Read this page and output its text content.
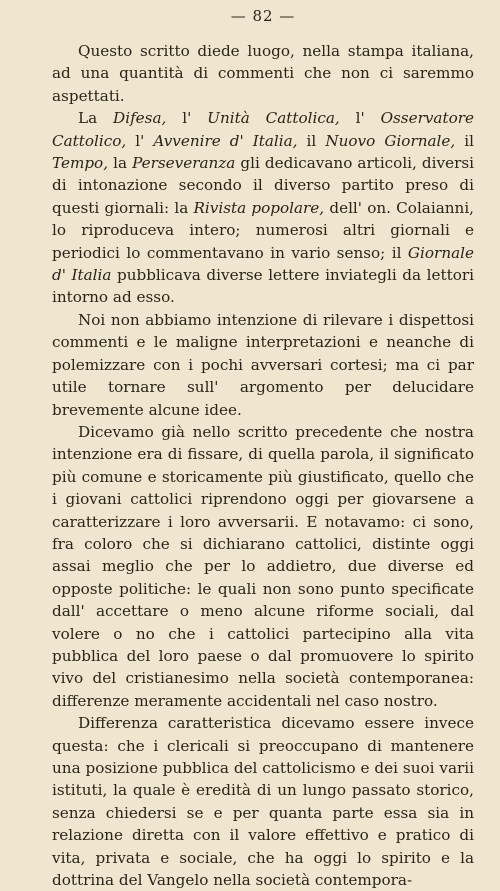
— 82 —

Questo scritto diede luogo, nella stampa italiana, ad una quantità di commenti che non ci saremmo aspettati.

La Difesa, l' Unità Cattolica, l' Osservatore Cattolico, l' Avvenire d' Italia, il Nuovo Giornale, il Tempo, la Perseveranza gli dedicavano articoli, diversi di intonazione secondo il diverso partito preso di questi giornali: la Rivista popolare, dell' on. Colaianni, lo riproduceva intero; numerosi altri giornali e periodici lo commentavano in vario senso; il Giornale d' Italia pubblicava diverse lettere inviategli da lettori intorno ad esso.

Noi non abbiamo intenzione di rilevare i dispettosi commenti e le maligne interpretazioni e neanche di polemizzare con i pochi avversari cortesi; ma ci par utile tornare sull' argomento per delucidare brevemente alcune idee.

Dicevamo già nello scritto precedente che nostra intenzione era di fissare, di quella parola, il significato più comune e storicamente più giustificato, quello che i giovani cattolici riprendono oggi per giovarsene a caratterizzare i loro avversarii. E notavamo: ci sono, fra coloro che si dichiarano cattolici, distinte oggi assai meglio che per lo addietro, due diverse ed opposte politiche: le quali non sono punto specificate dall' accettare o meno alcune riforme sociali, dal volere o no che i cattolici partecipino alla vita pubblica del loro paese o dal promuovere lo spirito vivo del cristianesimo nella società contemporanea: differenze meramente accidentali nel caso nostro.

Differenza caratteristica dicevamo essere invece questa: che i clericali si preoccupano di mantenere una posizione pubblica del cattolicismo e dei suoi varii istituti, la quale è eredità di un lungo passato storico, senza chiedersi se e per quanta parte essa sia in relazione diretta con il valore effettivo e pratico di vita, privata e sociale, che ha oggi lo spirito e la dottrina del Vangelo nella società contempora-
